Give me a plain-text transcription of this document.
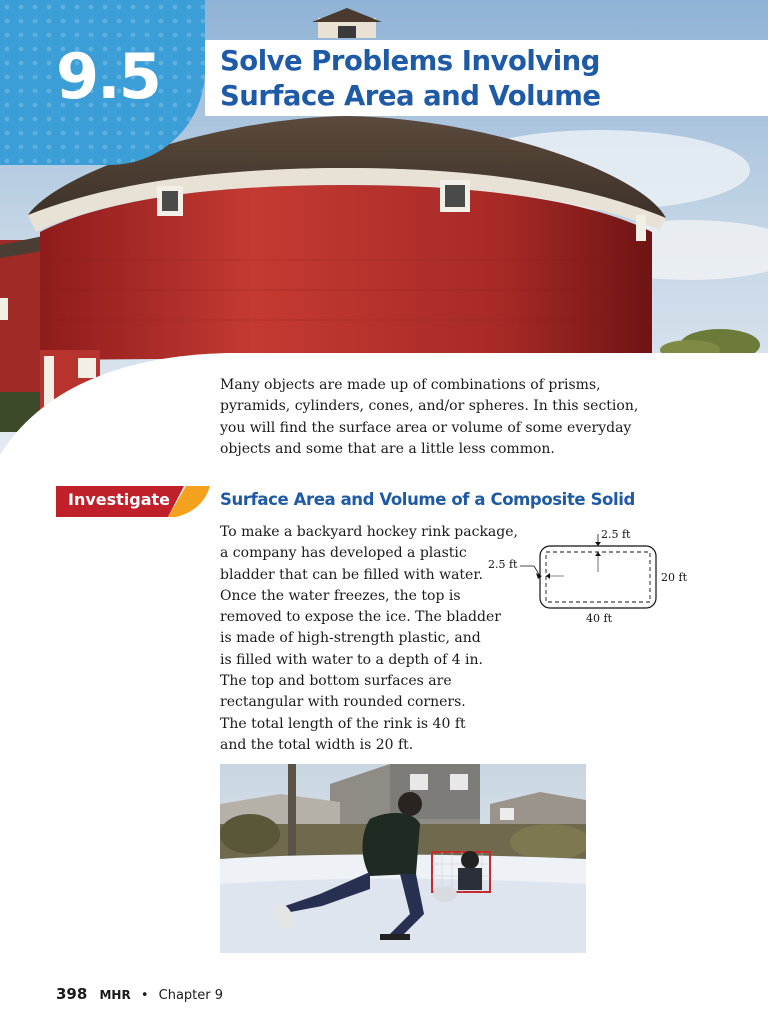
9.5 Solve Problems Involving
Surface Area and Volume

Many objects are made up of combinations of prisms, pyramids, cylinders, cones, and/or spheres. In this section, you will find the surface area or volume of some everyday objects and some that are a little less common.

Investigate	Surface Area and Volume of a Composite Solid

To make a backyard hockey rink package,
a company has developed a plastic
bladder that can be filled with water.
Once the water freezes, the top is
removed to expose the ice. The bladder
is made of high-strength plastic, and
is filled with water to a depth of 4 in.
The top and bottom surfaces are
rectangular with rounded corners.
The total length of the rink is 40 ft
and the total width is 20 ft.

2.5 ft
2.5 ft
20 ft
40 ft
398 MHR • Chapter 9
